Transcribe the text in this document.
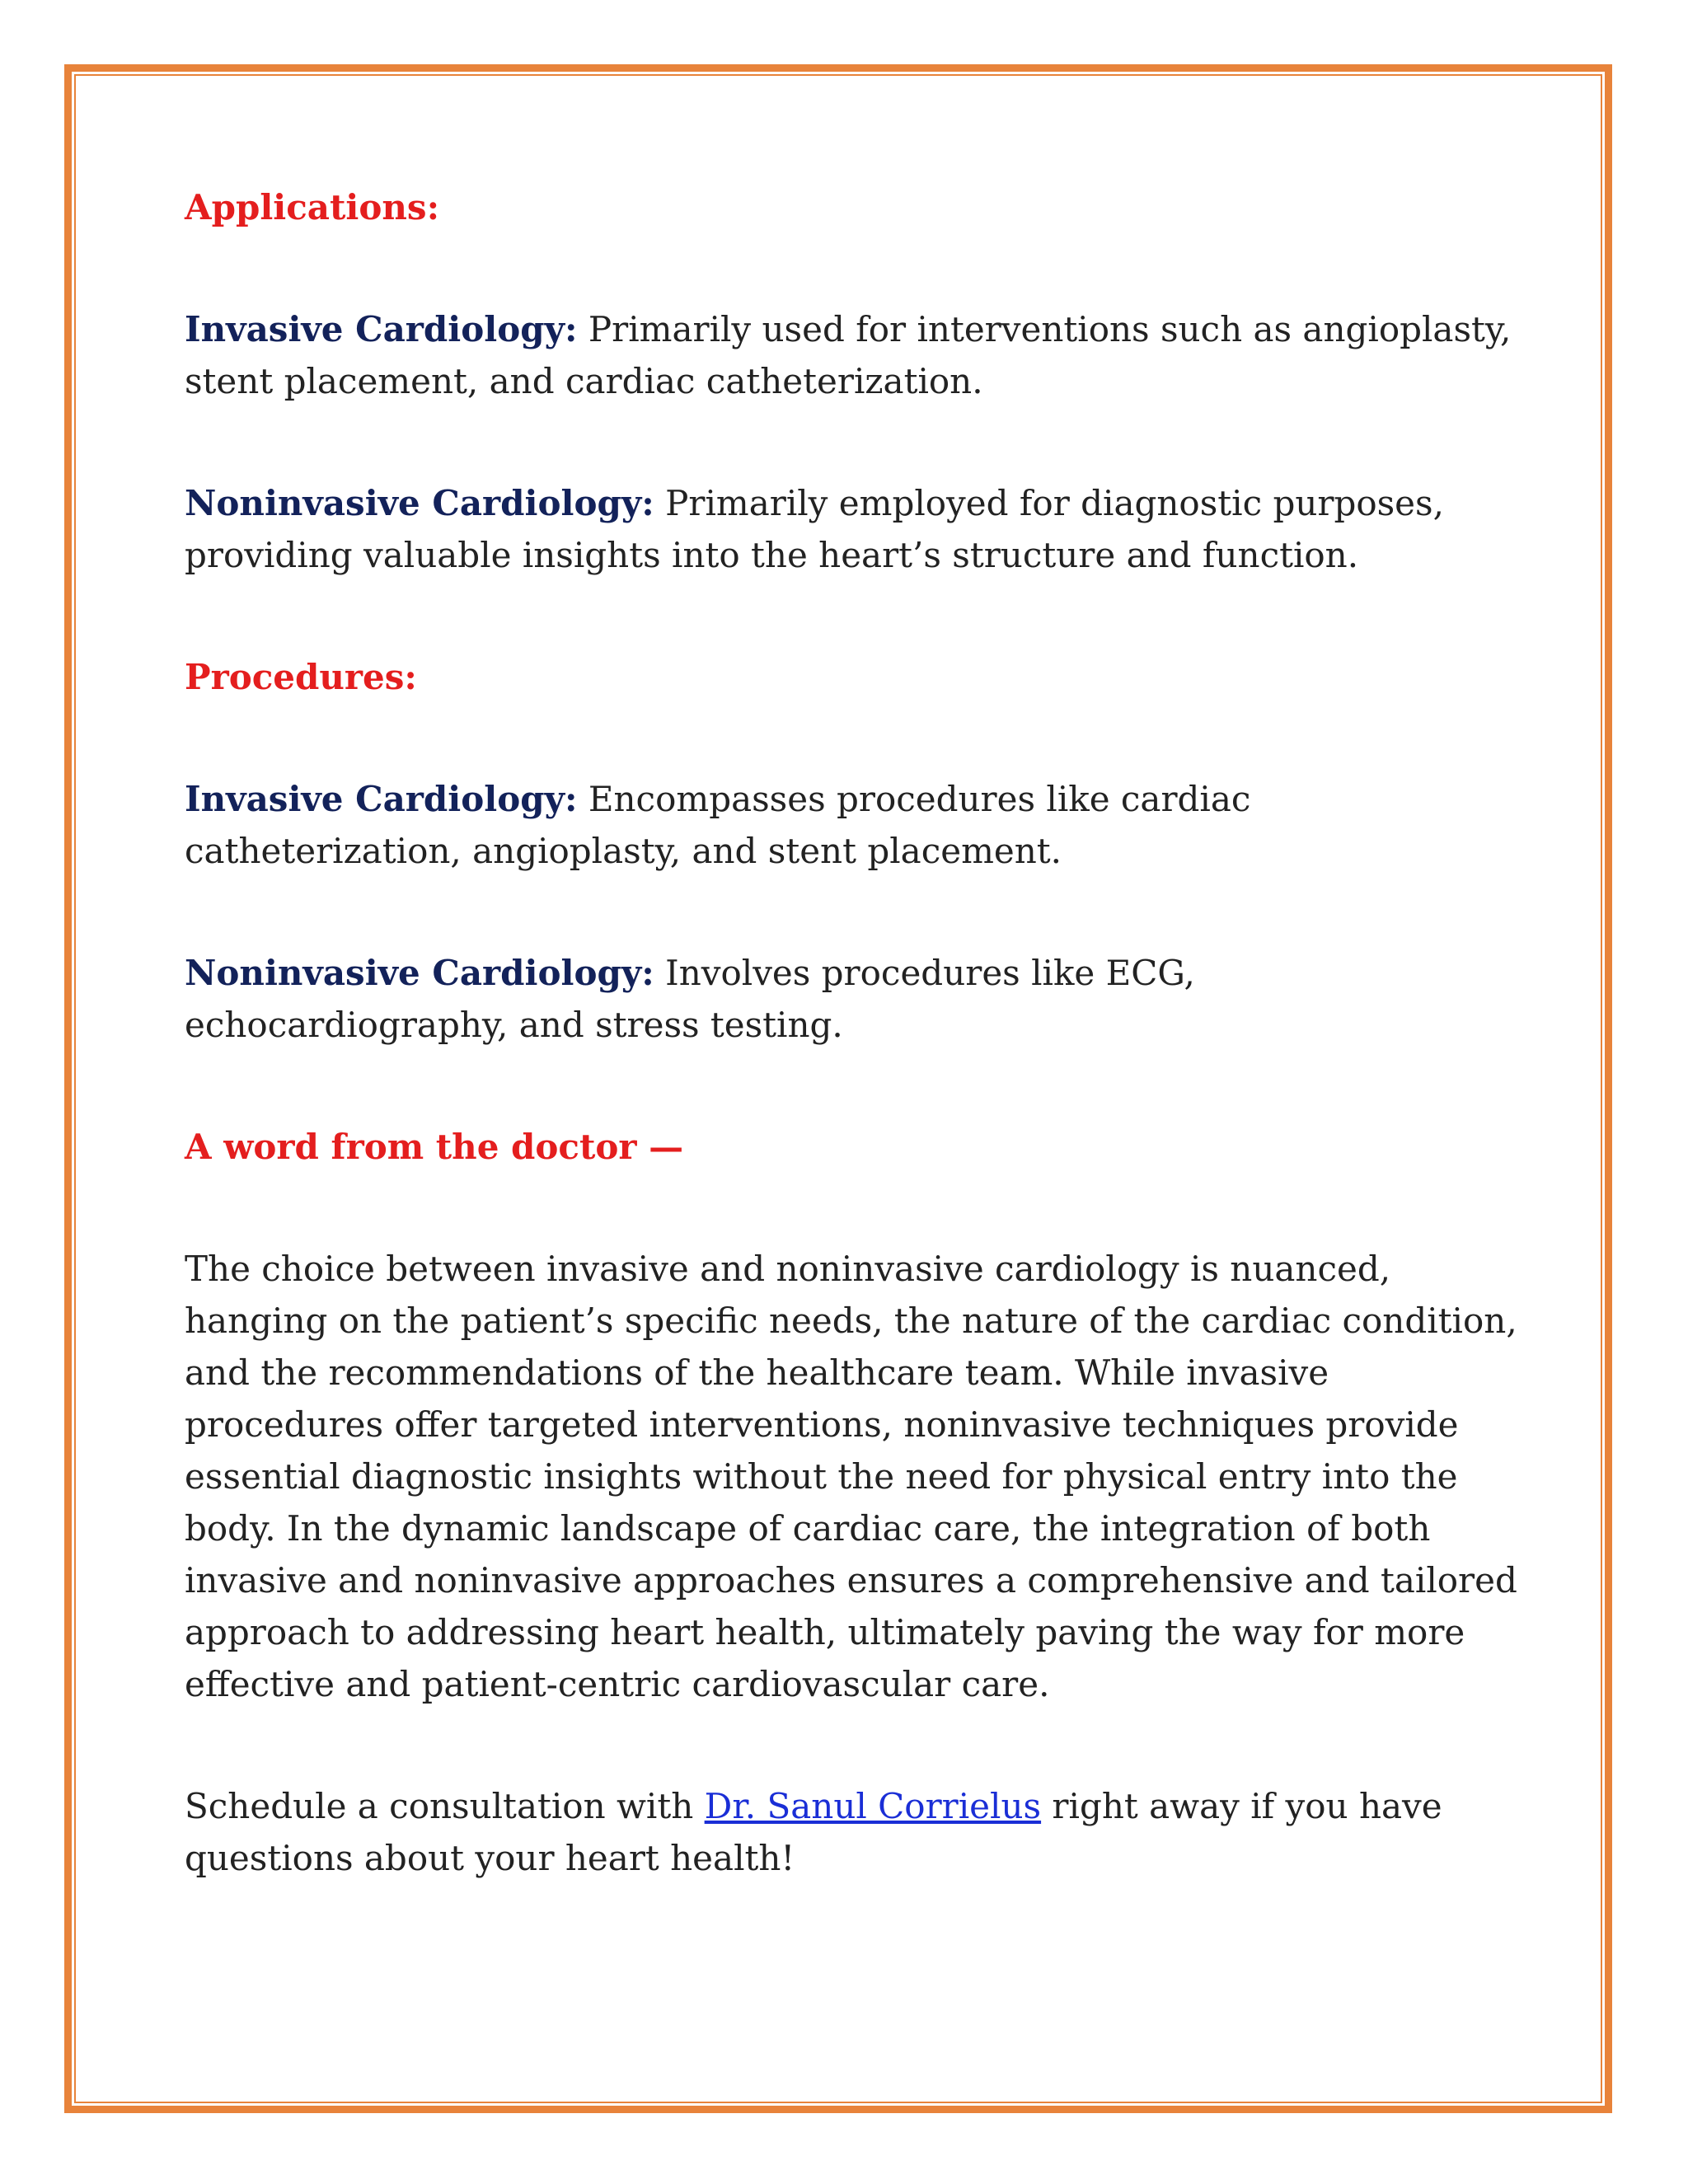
Applications:

Invasive Cardiology: Primarily used for interventions such as angioplasty, stent placement, and cardiac catheterization.

Noninvasive Cardiology: Primarily employed for diagnostic purposes, providing valuable insights into the heart’s structure and function.

Procedures:

Invasive Cardiology: Encompasses procedures like cardiac catheterization, angioplasty, and stent placement.

Noninvasive Cardiology: Involves procedures like ECG, echocardiography, and stress testing.

A word from the doctor —

The choice between invasive and noninvasive cardiology is nuanced, hanging on the patient’s specific needs, the nature of the cardiac condition, and the recommendations of the healthcare team. While invasive procedures offer targeted interventions, noninvasive techniques provide essential diagnostic insights without the need for physical entry into the body. In the dynamic landscape of cardiac care, the integration of both invasive and noninvasive approaches ensures a comprehensive and tailored approach to addressing heart health, ultimately paving the way for more effective and patient-centric cardiovascular care.

Schedule a consultation with Dr. Sanul Corrielus right away if you have questions about your heart health!
